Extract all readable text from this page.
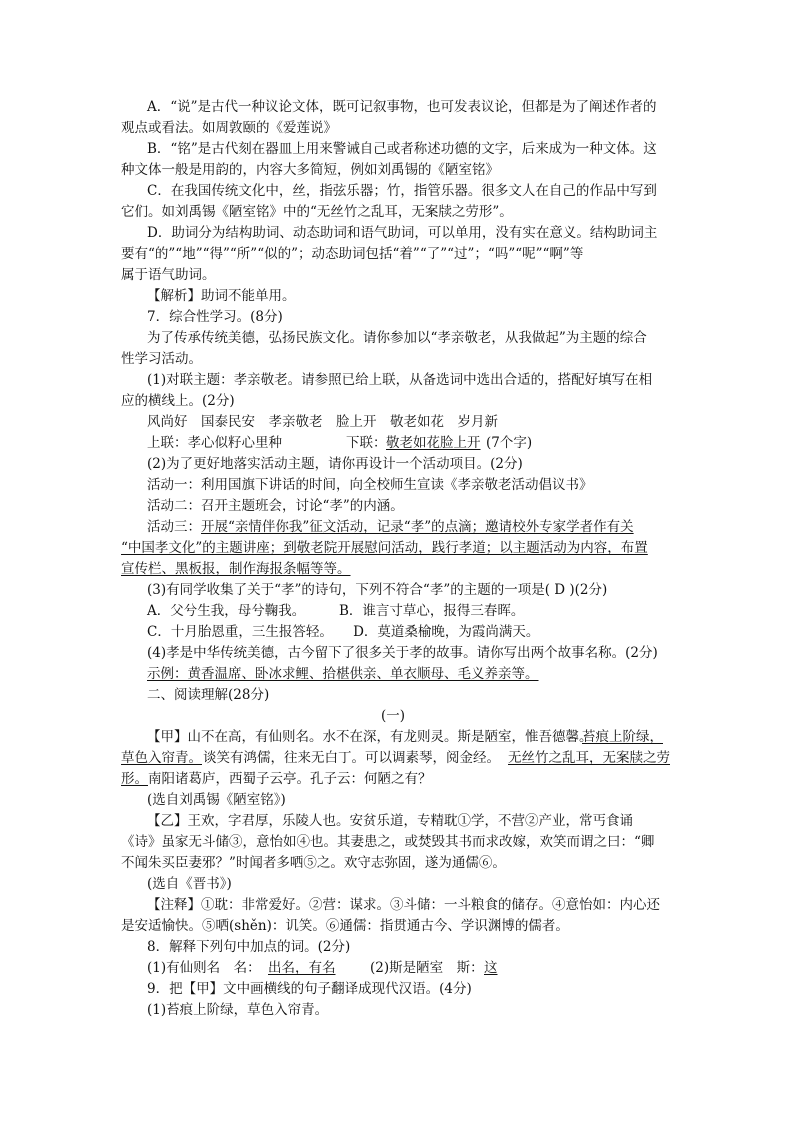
A．“说”是古代一种议论文体，既可记叙事物，也可发表议论，但都是为了阐述作者的
观点或看法。如周敦颐的《爱莲说》
B．“铭”是古代刻在器皿上用来警诫自己或者称述功德的文字，后来成为一种文体。这
种文体一般是用韵的，内容大多简短，例如刘禹锡的《陋室铭》
C．在我国传统文化中，丝，指弦乐器；竹，指管乐器。很多文人在自己的作品中写到
它们。如刘禹锡《陋室铭》中的“无丝竹之乱耳，无案牍之劳形”。
D．助词分为结构助词、动态助词和语气助词，可以单用，没有实在意义。结构助词主
要有“的”“地”“得”“所”“似的”；动态助词包括“着”“了”“过”；“吗”“呢”“啊”等
属于语气助词。
【解析】助词不能单用。
7．综合性学习。(8分)
为了传承传统美德，弘扬民族文化。请你参加以“孝亲敬老，从我做起”为主题的综合
性学习活动。
(1)对联主题：孝亲敬老。请参照已给上联，从备选词中选出合适的，搭配好填写在相
应的横线上。(2分)
风尚好　国泰民安　孝亲敬老　脸上开　敬老如花　岁月新
上联：孝心似籽心里种	下联： 敬老如花脸上开 (7个字)
(2)为了更好地落实活动主题，请你再设计一个活动项目。(2分)
活动一：利用国旗下讲话的时间，向全校师生宣读《孝亲敬老活动倡议书》
活动二：召开主题班会，讨论“孝”的内涵。
活动三： 开展“亲情伴你我”征文活动，记录“孝”的点滴；邀请校外专家学者作有关
“中国孝文化”的主题讲座；到敬老院开展慰问活动，践行孝道；以主题活动为内容，布置
宣传栏、黑板报，制作海报条幅等等。
(3)有同学收集了关于“孝”的诗句，下列不符合“孝”的主题的一项是( D )(2分)
A．父兮生我，母兮鞠我。　　　B．谁言寸草心，报得三春晖。
C．十月胎恩重，三生报答轻。　　D．莫道桑榆晚，为霞尚满天。
(4)孝是中华传统美德，古今留下了很多关于孝的故事。请你写出两个故事名称。(2分)
示例：黄香温席、卧冰求鲤、拾椹供亲、单衣顺母、毛义养亲等。
二、阅读理解(28分)
(一)
【甲】山不在高，有仙则名。水不在深，有龙则灵。斯是陋室，惟吾德馨。
苔痕上阶绿，
草色入帘青。 谈笑有鸿儒，往来无白丁。可以调素琴，阅金经。 无丝竹之乱耳，无案牍之劳
形。 南阳诸葛庐，西蜀子云亭。孔子云：何陋之有？
(选自刘禹锡《陋室铭》)
【乙】王欢，字君厚，乐陵人也。安贫乐道，专精耽①学，不营②产业，常丐食诵
《诗》虽家无斗储③，意怡如④也。其妻患之，或焚毁其书而求改嫁，欢笑而谓之曰：“卿
不闻朱买臣妻邪？”时闻者多哂⑤之。欢守志弥固，遂为通儒⑥。
(选自《晋书》)
【注释】①耽：非常爱好。②营：谋求。③斗储：一斗粮食的储存。④意怡如：内心还
是安适愉快。⑤哂(shěn)：讥笑。⑥通儒：指贯通古今、学识渊博的儒者。
8．解释下列句中加点的词。(2分)
(1)有仙则名　名： 出名，有名	(2)斯是陋室　斯： 这
9．把【甲】文中画横线的句子翻译成现代汉语。(4分)
(1)苔痕上阶绿，草色入帘青。
